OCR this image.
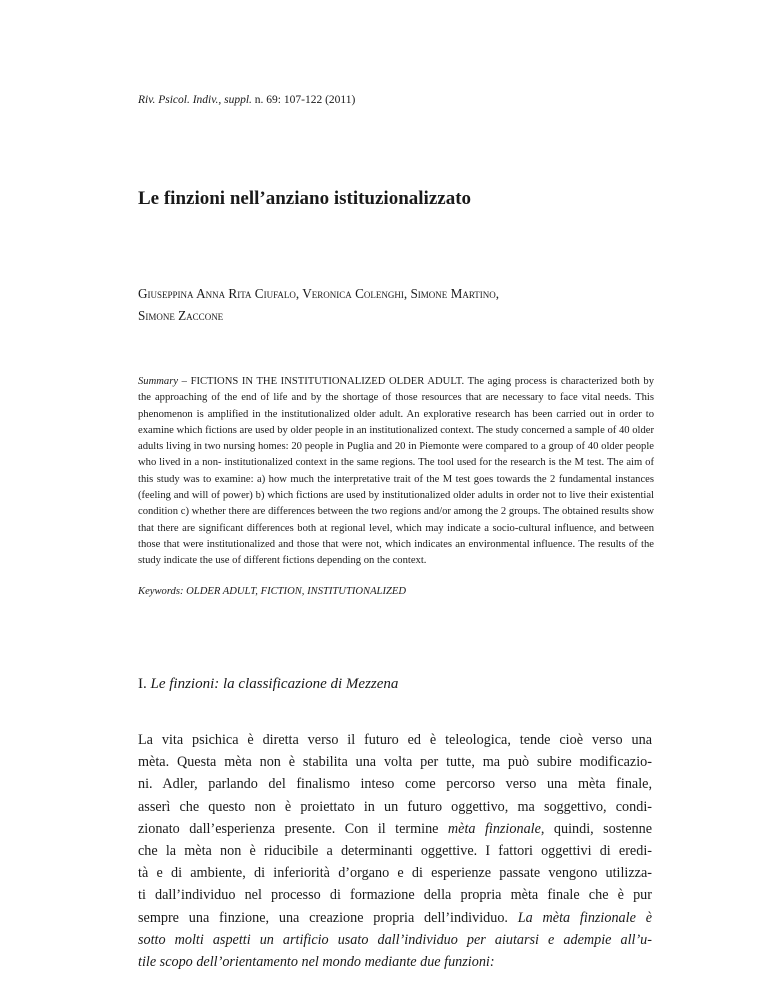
Riv. Psicol. Indiv., suppl. n. 69: 107-122 (2011)
Le finzioni nell’anziano istituzionalizzato
Giuseppina Anna Rita Ciufalo, Veronica Colenghi, Simone Martino,
Simone Zaccone
Summary – FICTIONS IN THE INSTITUTIONALIZED OLDER ADULT. The aging process is characterized both by the approaching of the end of life and by the shortage of those resources that are necessary to face vital needs. This phenomenon is amplified in the institutionalized older adult. An explorative research has been carried out in order to examine which fictions are used by older people in an institutionalized context. The study concerned a sample of 40 older adults living in two nursing homes: 20 people in Puglia and 20 in Piemonte were compared to a group of 40 older people who lived in a non- institutionalized context in the same regions. The tool used for the research is the M test. The aim of this study was to examine: a) how much the interpretative trait of the M test goes towards the 2 fundamental instances (feeling and will of power) b) which fictions are used by institutionalized older adults in order not to live their existential condition c) whether there are differences between the two regions and/or among the 2 groups. The obtained results show that there are significant differences both at regional level, which may indicate a socio-cultural influence, and between those that were institutionalized and those that were not, which indicates an environmental influence. The results of the study indicate the use of different fictions depending on the context.
Keywords: OLDER ADULT, FICTION, INSTITUTIONALIZED
I. Le finzioni: la classificazione di Mezzena
La vita psichica è diretta verso il futuro ed è teleologica, tende cioè verso una
mèta. Questa mèta non è stabilita una volta per tutte, ma può subire modificazio-
ni. Adler, parlando del finalismo inteso come percorso verso una mèta finale,
asserì che questo non è proiettato in un futuro oggettivo, ma soggettivo, condi-
zionato dall’esperienza presente. Con il termine mèta finzionale, quindi, sostenne
che la mèta non è riducibile a determinanti oggettive. I fattori oggettivi di eredi-
tà e di ambiente, di inferiorità d’organo e di esperienze passate vengono utilizza-
ti dall’individuo nel processo di formazione della propria mèta finale che è pur
sempre una finzione, una creazione propria dell’individuo. La mèta finzionale è
sotto molti aspetti un artificio usato dall’individuo per aiutarsi e adempie all’u-
tile scopo dell’orientamento nel mondo mediante due funzioni:
